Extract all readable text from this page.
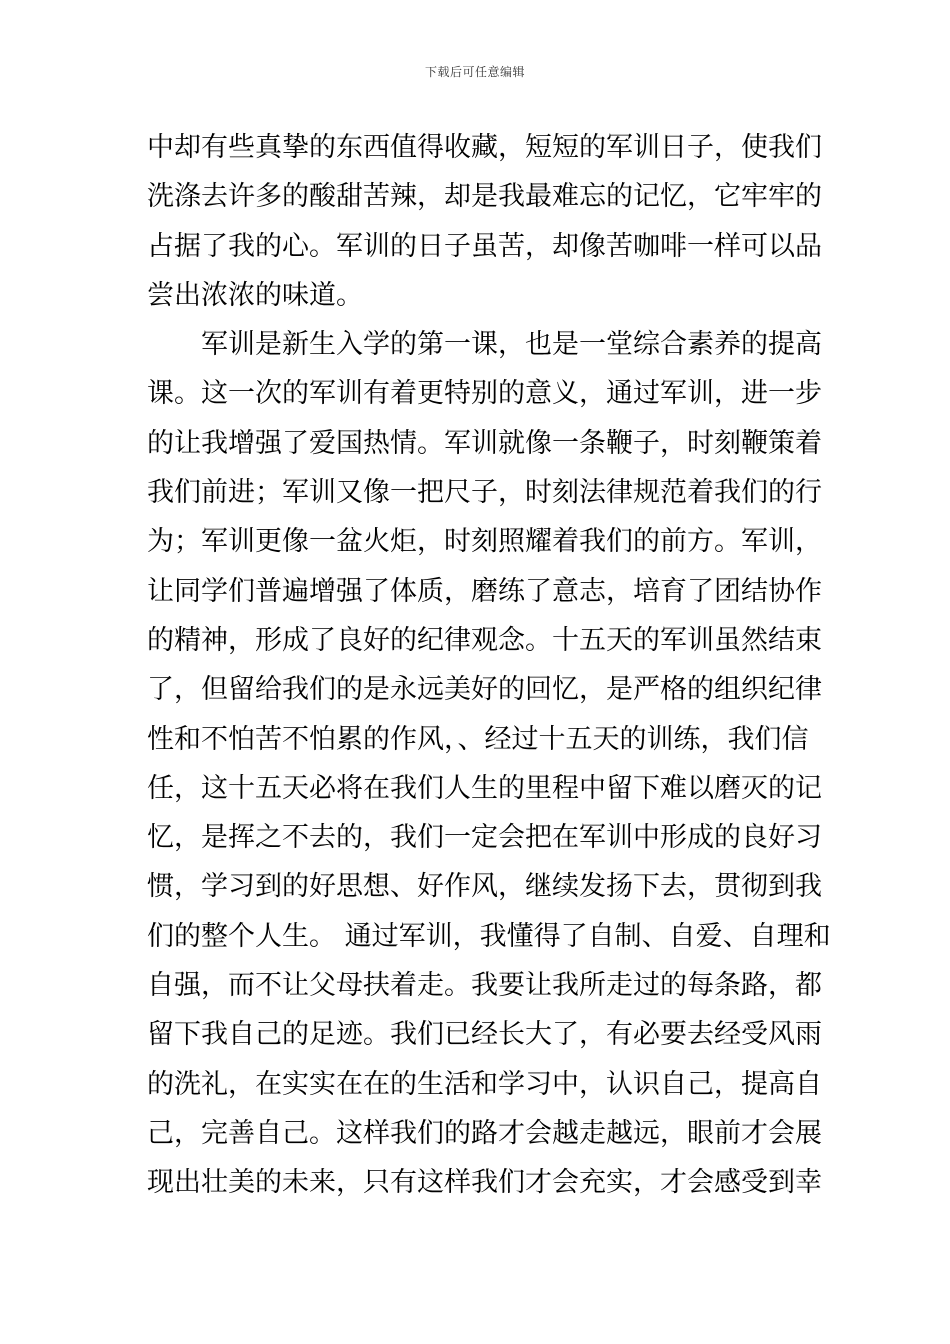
下载后可任意编辑
中却有些真挚的东西值得收藏，短短的军训日子，使我们
洗涤去许多的酸甜苦辣，却是我最难忘的记忆，它牢牢的
占据了我的心。军训的日子虽苦，却像苦咖啡一样可以品
尝出浓浓的味道。
军训是新生入学的第一课，也是一堂综合素养的提高
课。这一次的军训有着更特别的意义，通过军训，进一步
的让我增强了爱国热情。军训就像一条鞭子，时刻鞭策着
我们前进；军训又像一把尺子，时刻法律规范着我们的行
为；军训更像一盆火炬，时刻照耀着我们的前方。军训，
让同学们普遍增强了体质，磨练了意志，培育了团结协作
的精神，形成了良好的纪律观念。十五天的军训虽然结束
了，但留给我们的是永远美好的回忆，是严格的组织纪律
性和不怕苦不怕累的作风，、经过十五天的训练，我们信
任，这十五天必将在我们人生的里程中留下难以磨灭的记
忆，是挥之不去的，我们一定会把在军训中形成的良好习
惯，学习到的好思想、好作风，继续发扬下去，贯彻到我
们的整个人生。 通过军训，我懂得了自制、自爱、自理和
自强，而不让父母扶着走。我要让我所走过的每条路，都
留下我自己的足迹。我们已经长大了，有必要去经受风雨
的洗礼，在实实在在的生活和学习中，认识自己，提高自
己，完善自己。这样我们的路才会越走越远，眼前才会展
现出壮美的未来，只有这样我们才会充实，才会感受到幸
